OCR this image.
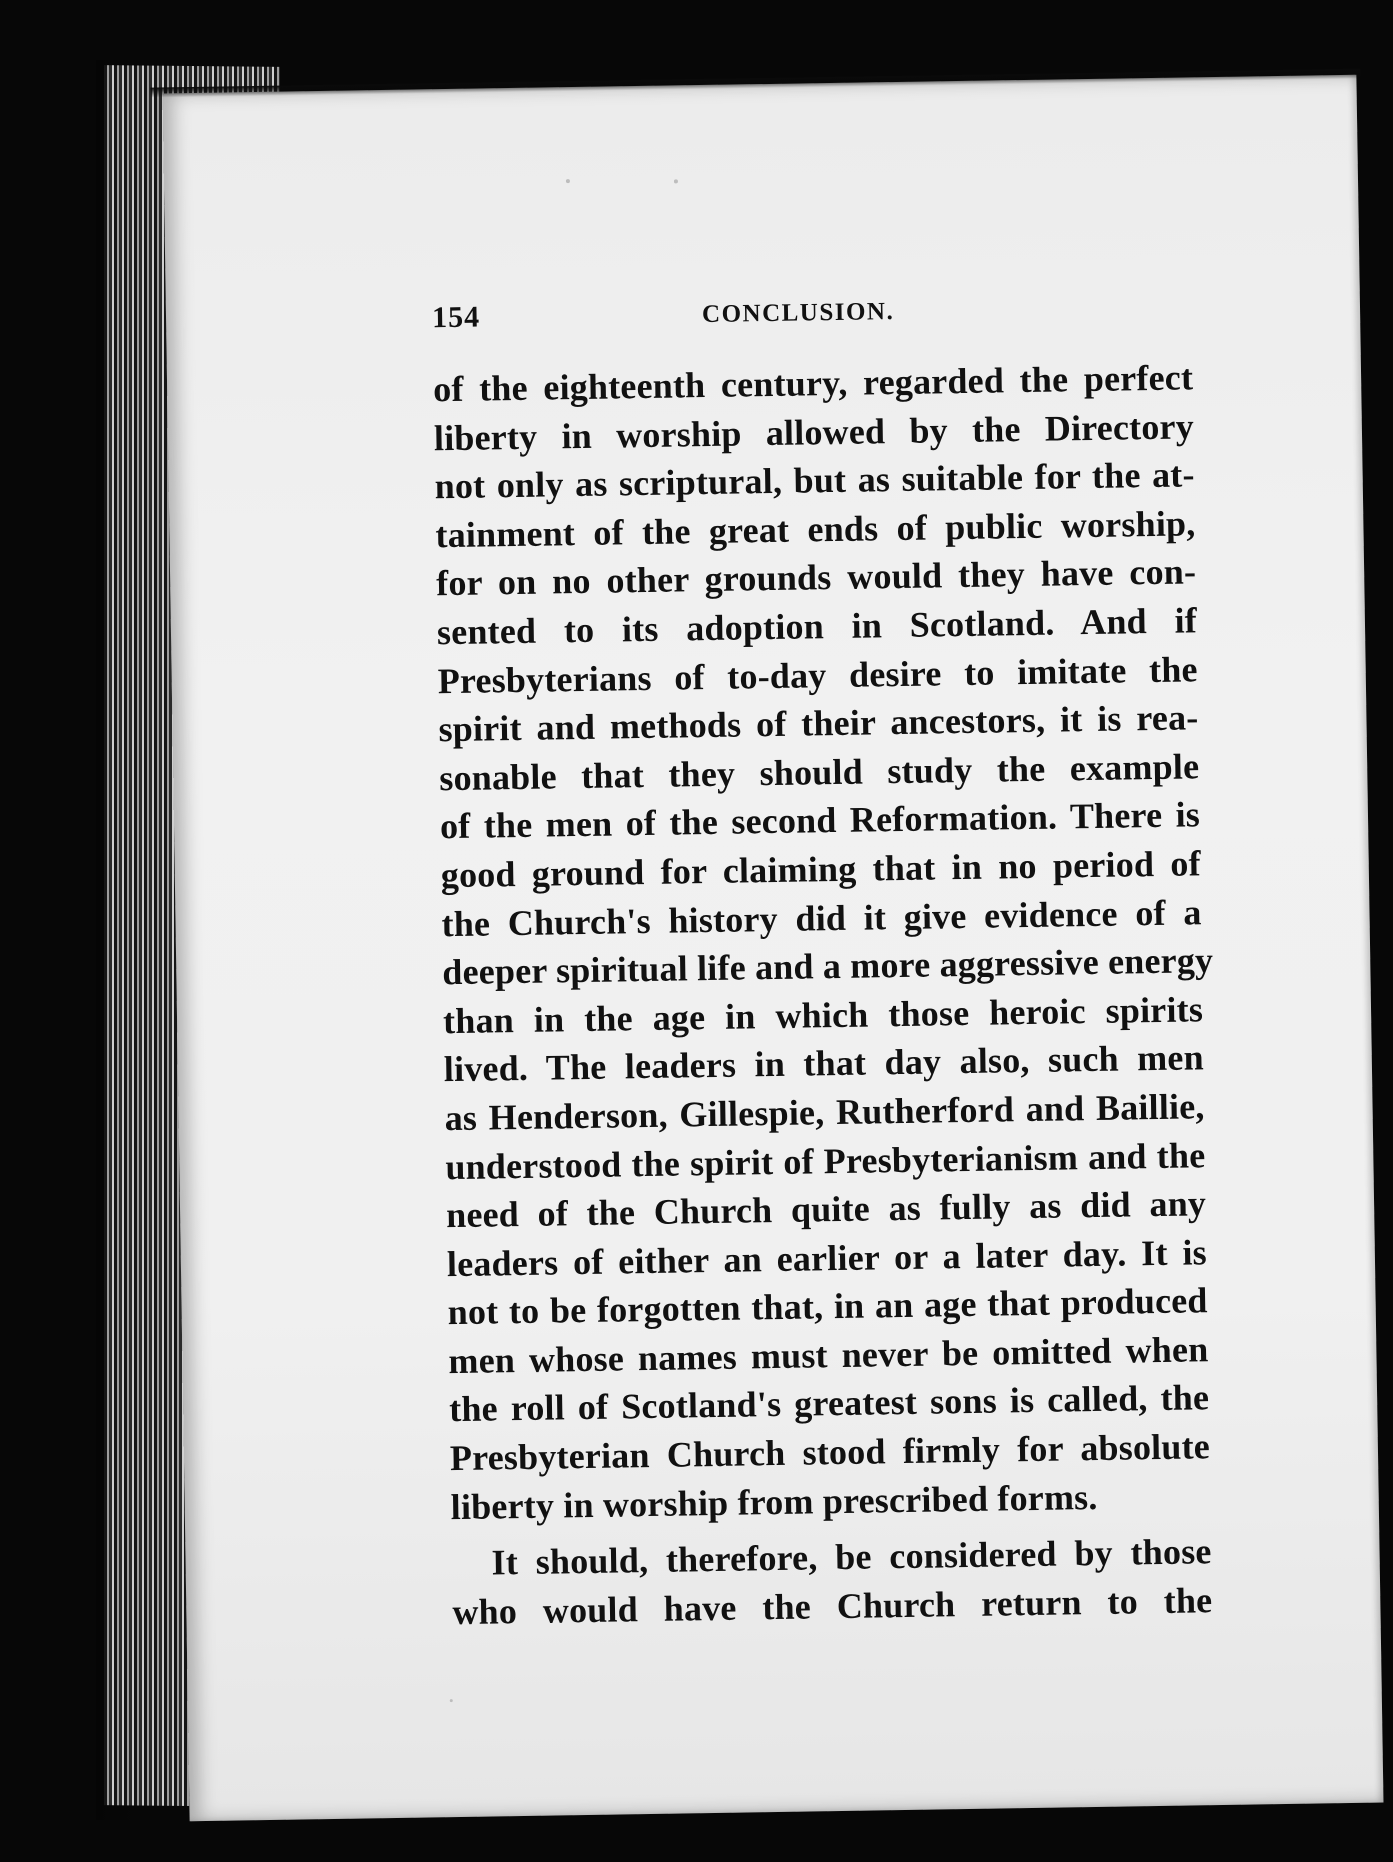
154	CONCLUSION.
of the eighteenth century, regarded the perfect
liberty in worship allowed by the Directory
not only as scriptural, but as suitable for the at-
tainment of the great ends of public worship,
for on no other grounds would they have con-
sented to its adoption in Scotland. And if
Presbyterians of to-day desire to imitate the
spirit and methods of their ancestors, it is rea-
sonable that they should study the example
of the men of the second Reformation. There is
good ground for claiming that in no period of
the Church's history did it give evidence of a
deeper spiritual life and a more aggressive energy
than in the age in which those heroic spirits
lived. The leaders in that day also, such men
as Henderson, Gillespie, Rutherford and Baillie,
understood the spirit of Presbyterianism and the
need of the Church quite as fully as did any
leaders of either an earlier or a later day. It is
not to be forgotten that, in an age that produced
men whose names must never be omitted when
the roll of Scotland's greatest sons is called, the
Presbyterian Church stood firmly for absolute
liberty in worship from prescribed forms.
It should, therefore, be considered by those
who would have the Church return to the
